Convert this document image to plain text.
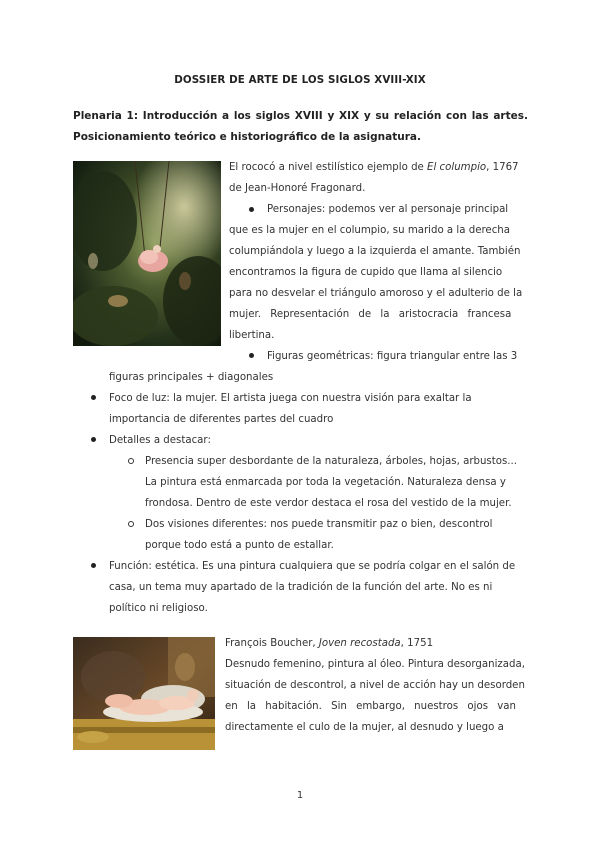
DOSSIER DE ARTE DE LOS SIGLOS XVIII-XIX
Plenaria 1: Introducción a los siglos XVIII y XIX y su relación con las artes. Posicionamiento teórico e historiográfico de la asignatura.
El rococó a nivel estilístico ejemplo de El columpio, 1767
de Jean-Honoré Fragonard.
Personajes: podemos ver al personaje principal
que es la mujer en el columpio, su marido a la derecha
columpiándola y luego a la izquierda el amante. También
encontramos la figura de cupido que llama al silencio
para no desvelar el triángulo amoroso y el adulterio de la
mujer. Representación de la aristocracia francesa
libertina.
Figuras geométricas: figura triangular entre las 3
figuras principales + diagonales
Foco de luz: la mujer. El artista juega con nuestra visión para exaltar la
importancia de diferentes partes del cuadro
Detalles a destacar:
Presencia super desbordante de la naturaleza, árboles, hojas, arbustos...
La pintura está enmarcada por toda la vegetación. Naturaleza densa y
frondosa. Dentro de este verdor destaca el rosa del vestido de la mujer.
Dos visiones diferentes: nos puede transmitir paz o bien, descontrol
porque todo está a punto de estallar.
Función: estética. Es una pintura cualquiera que se podría colgar en el salón de
casa, un tema muy apartado de la tradición de la función del arte. No es ni
político ni religioso.
François Boucher, Joven recostada, 1751
Desnudo femenino, pintura al óleo. Pintura desorganizada,
situación de descontrol, a nivel de acción hay un desorden
en la habitación. Sin embargo, nuestros ojos van
directamente el culo de la mujer, al desnudo y luego a
1
